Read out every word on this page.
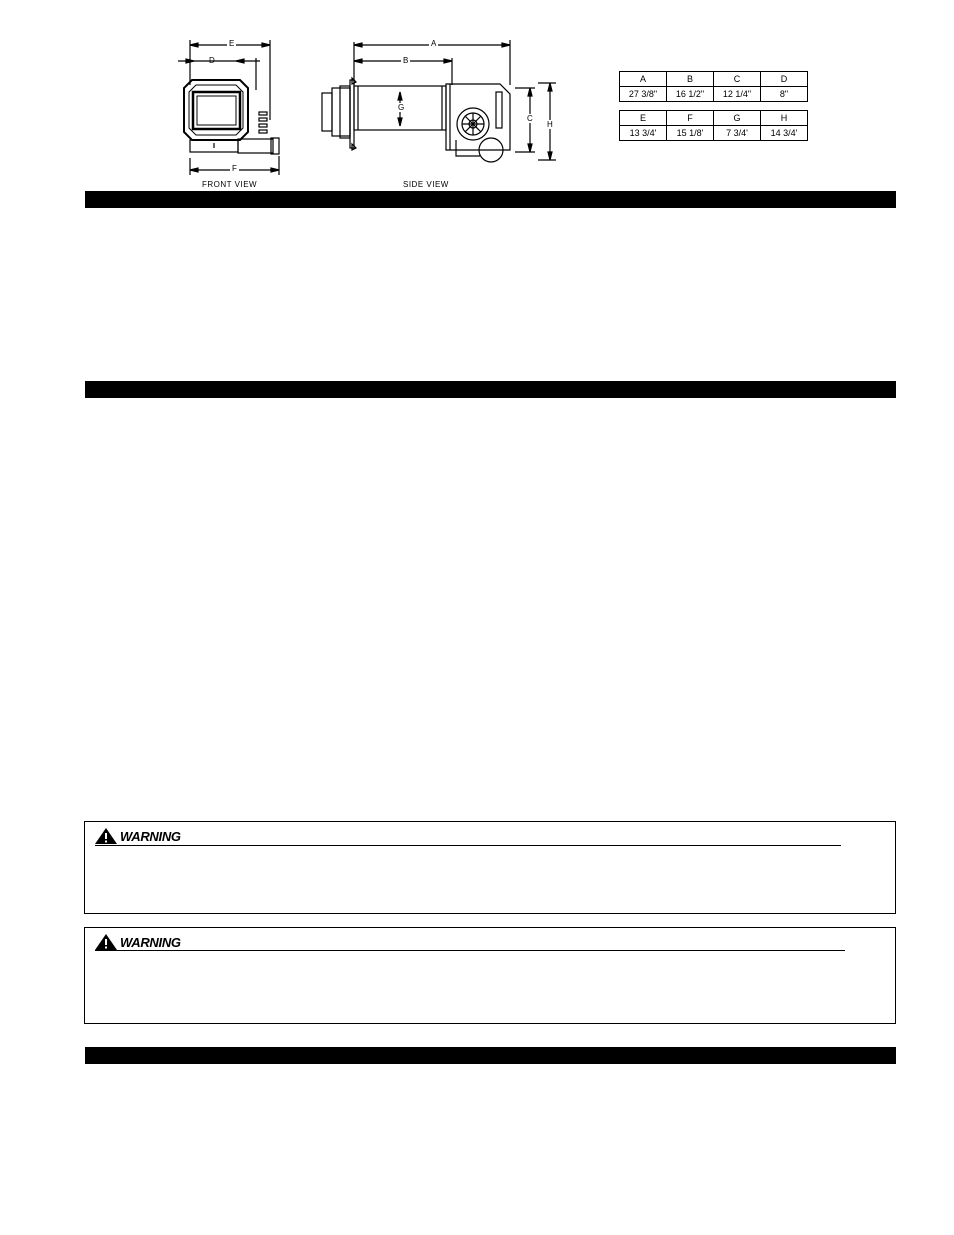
E
D
F
A
B
G
C
H
FRONT VIEW	SIDE VIEW
A	B	C	D
27 3/8"	16 1/2"	12 1/4"	8"
E	F	G	H
13 3/4'	15 1/8'	7 3/4'	14 3/4'
WARNING
WARNING
